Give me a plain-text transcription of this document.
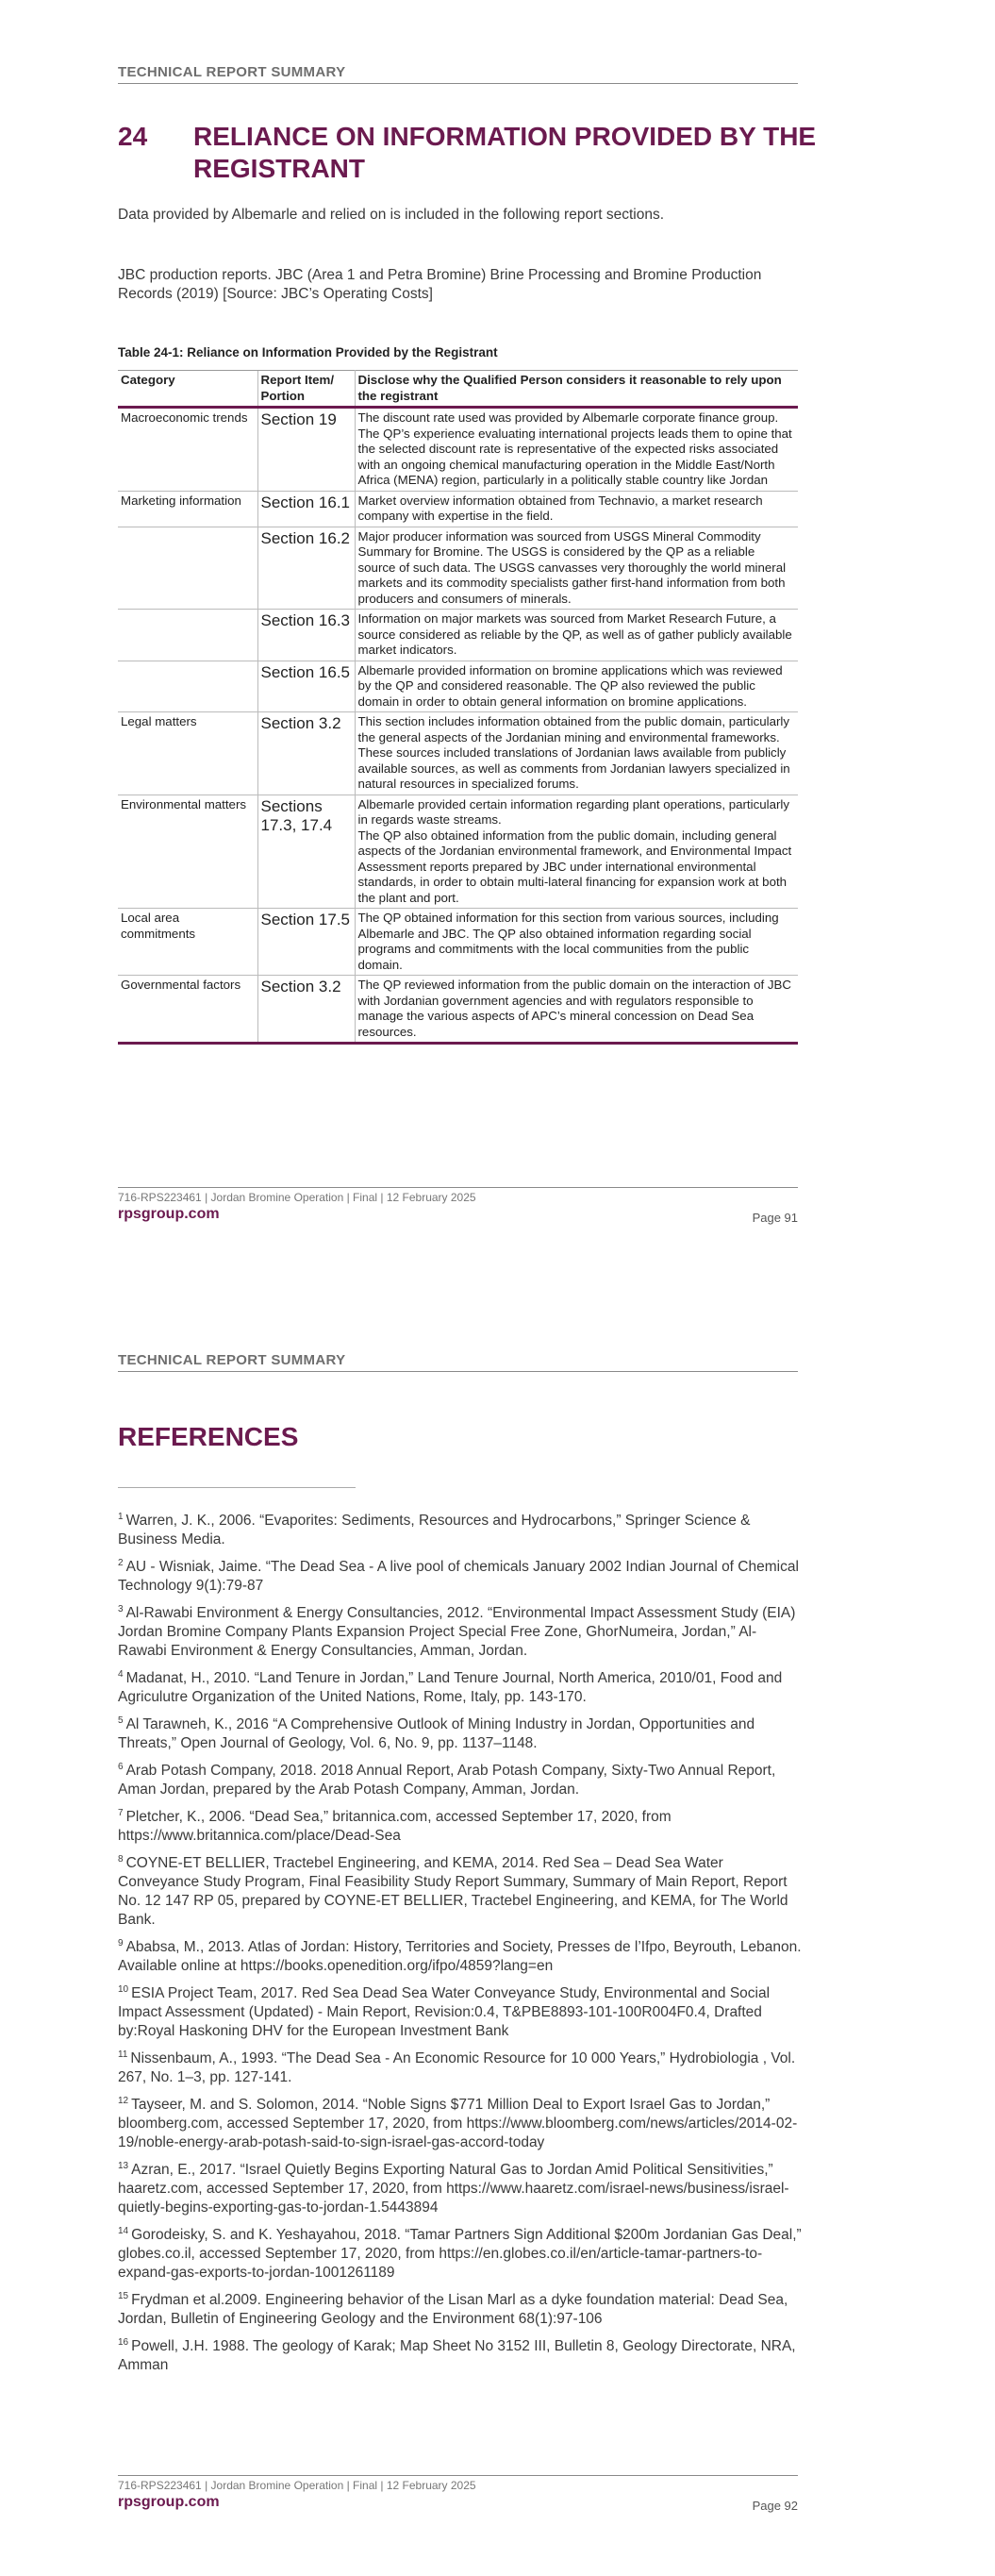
TECHNICAL REPORT SUMMARY
24 RELIANCE ON INFORMATION PROVIDED BY THE REGISTRANT
Data provided by Albemarle and relied on is included in the following report sections.
JBC production reports. JBC (Area 1 and Petra Bromine) Brine Processing and Bromine Production Records (2019) [Source: JBC’s Operating Costs]
Table 24-1: Reliance on Information Provided by the Registrant
Category	Report Item/ Portion	Disclose why the Qualified Person considers it reasonable to rely upon the registrant
Macroeconomic trends	Section 19	The discount rate used was provided by Albemarle corporate finance group. The QP’s experience evaluating international projects leads them to opine that the selected discount rate is representative of the expected risks associated with an ongoing chemical manufacturing operation in the Middle East/North Africa (MENA) region, particularly in a politically stable country like Jordan
Marketing information	Section 16.1	Market overview information obtained from Technavio, a market research company with expertise in the field.
	Section 16.2	Major producer information was sourced from USGS Mineral Commodity Summary for Bromine. The USGS is considered by the QP as a reliable source of such data. The USGS canvasses very thoroughly the world mineral markets and its commodity specialists gather first-hand information from both producers and consumers of minerals.
	Section 16.3	Information on major markets was sourced from Market Research Future, a source considered as reliable by the QP, as well as of gather publicly available market indicators.
	Section 16.5	Albemarle provided information on bromine applications which was reviewed by the QP and considered reasonable. The QP also reviewed the public domain in order to obtain general information on bromine applications.
Legal matters	Section 3.2	This section includes information obtained from the public domain, particularly the general aspects of the Jordanian mining and environmental frameworks. These sources included translations of Jordanian laws available from publicly available sources, as well as comments from Jordanian lawyers specialized in natural resources in specialized forums.
Environmental matters	Sections 17.3, 17.4	Albemarle provided certain information regarding plant operations, particularly in regards waste streams.
The QP also obtained information from the public domain, including general aspects of the Jordanian environmental framework, and Environmental Impact Assessment reports prepared by JBC under international environmental standards, in order to obtain multi-lateral financing for expansion work at both the plant and port.
Local area commitments	Section 17.5	The QP obtained information for this section from various sources, including Albemarle and JBC. The QP also obtained information regarding social programs and commitments with the local communities from the public domain.
Governmental factors	Section 3.2	The QP reviewed information from the public domain on the interaction of JBC with Jordanian government agencies and with regulators responsible to manage the various aspects of APC’s mineral concession on Dead Sea resources.
716-RPS223461 | Jordan Bromine Operation | Final | 12 February 2025
rpsgroup.com	Page 91
TECHNICAL REPORT SUMMARY
REFERENCES
$^1$ Warren, J. K., 2006. “Evaporites: Sediments, Resources and Hydrocarbons,” Springer Science & Business Media.
$^2$ AU - Wisniak, Jaime. “The Dead Sea - A live pool of chemicals January 2002 Indian Journal of Chemical Technology 9(1):79-87
$^3$ Al-Rawabi Environment & Energy Consultancies, 2012. “Environmental Impact Assessment Study (EIA) Jordan Bromine Company Plants Expansion Project Special Free Zone, GhorNumeira, Jordan,” Al-Rawabi Environment & Energy Consultancies, Amman, Jordan.
$^4$ Madanat, H., 2010. “Land Tenure in Jordan,” Land Tenure Journal, North America, 2010/01, Food and Agriculutre Organization of the United Nations, Rome, Italy, pp. 143-170.
$^5$ Al Tarawneh, K., 2016 “A Comprehensive Outlook of Mining Industry in Jordan, Opportunities and Threats,” Open Journal of Geology, Vol. 6, No. 9, pp. 1137–1148.
$^6$ Arab Potash Company, 2018. 2018 Annual Report, Arab Potash Company, Sixty-Two Annual Report, Aman Jordan, prepared by the Arab Potash Company, Amman, Jordan.
$^7$ Pletcher, K., 2006. “Dead Sea,” britannica.com, accessed September 17, 2020, from https://www.britannica.com/place/Dead-Sea
$^8$ COYNE-ET BELLIER, Tractebel Engineering, and KEMA, 2014. Red Sea – Dead Sea Water Conveyance Study Program, Final Feasibility Study Report Summary, Summary of Main Report, Report No. 12 147 RP 05, prepared by COYNE-ET BELLIER, Tractebel Engineering, and KEMA, for The World Bank.
$^9$ Ababsa, M., 2013. Atlas of Jordan: History, Territories and Society, Presses de l’Ifpo, Beyrouth, Lebanon. Available online at https://books.openedition.org/ifpo/4859?lang=en
$^{10}$ ESIA Project Team, 2017. Red Sea Dead Sea Water Conveyance Study, Environmental and Social Impact Assessment (Updated) - Main Report, Revision:0.4, T&PBE8893-101-100R004F0.4, Drafted by:Royal Haskoning DHV for the European Investment Bank
$^{11}$ Nissenbaum, A., 1993. “The Dead Sea - An Economic Resource for 10 000 Years,” Hydrobiologia , Vol. 267, No. 1–3, pp. 127-141.
$^{12}$ Tayseer, M. and S. Solomon, 2014. “Noble Signs $771 Million Deal to Export Israel Gas to Jordan,” bloomberg.com, accessed September 17, 2020, from https://www.bloomberg.com/news/articles/2014-02-19/noble-energy-arab-potash-said-to-sign-israel-gas-accord-today
$^{13}$ Azran, E., 2017. “Israel Quietly Begins Exporting Natural Gas to Jordan Amid Political Sensitivities,” haaretz.com, accessed September 17, 2020, from https://www.haaretz.com/israel-news/business/israel-quietly-begins-exporting-gas-to-jordan-1.5443894
$^{14}$ Gorodeisky, S. and K. Yeshayahou, 2018. “Tamar Partners Sign Additional $200m Jordanian Gas Deal,” globes.co.il, accessed September 17, 2020, from https://en.globes.co.il/en/article-tamar-partners-to-expand-gas-exports-to-jordan-1001261189
$^{15}$ Frydman et al.2009. Engineering behavior of the Lisan Marl as a dyke foundation material: Dead Sea, Jordan, Bulletin of Engineering Geology and the Environment 68(1):97-106
$^{16}$ Powell, J.H. 1988. The geology of Karak; Map Sheet No 3152 III, Bulletin 8, Geology Directorate, NRA, Amman
716-RPS223461 | Jordan Bromine Operation | Final | 12 February 2025
rpsgroup.com	Page 92
